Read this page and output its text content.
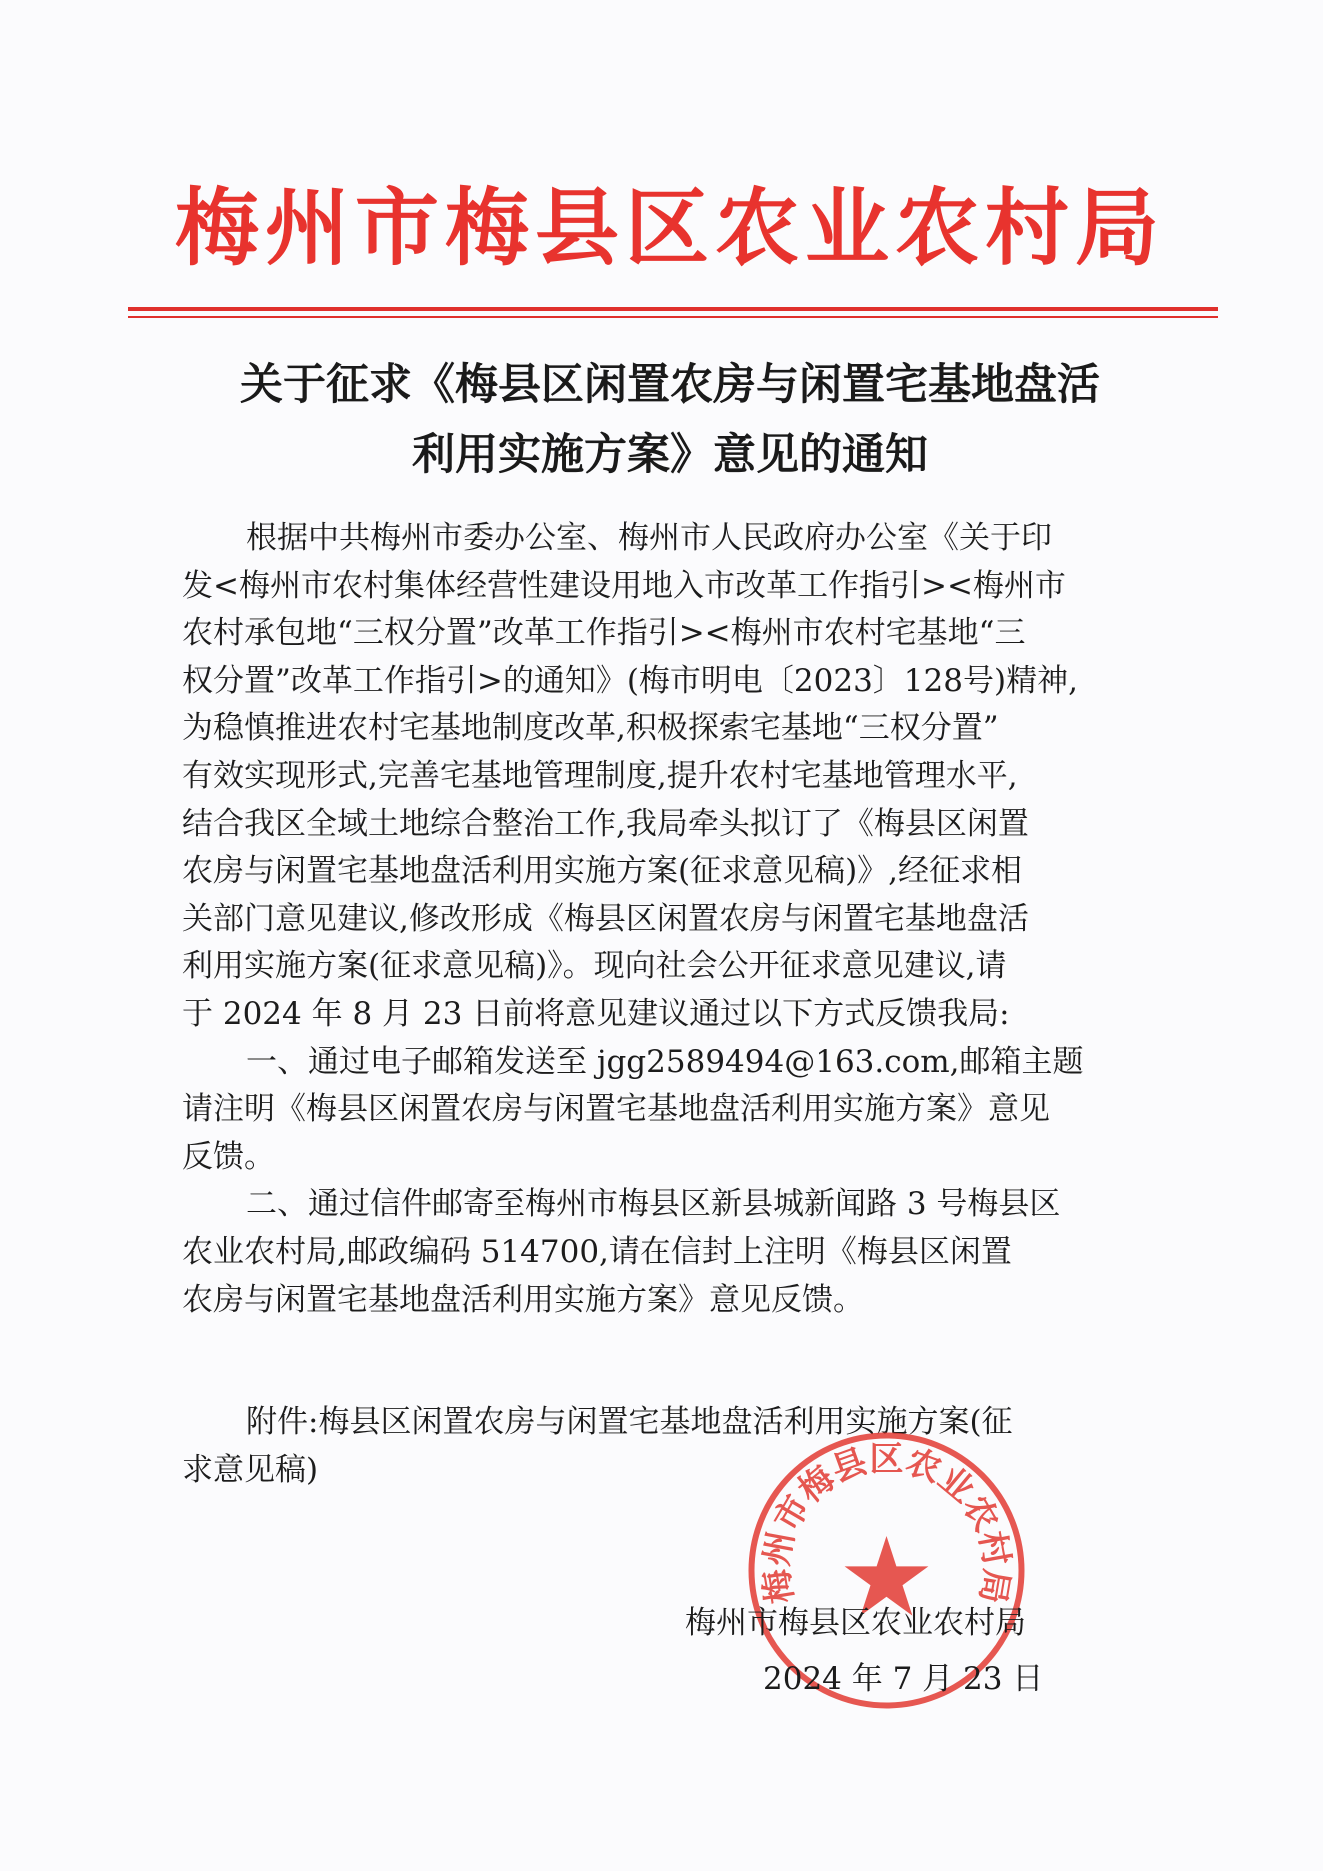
梅州市梅县区农业农村局
关于征求《梅县区闲置农房与闲置宅基地盘活
利用实施方案》意见的通知
根据中共梅州市委办公室、梅州市人民政府办公室《关于印
发<梅州市农村集体经营性建设用地入市改革工作指引><梅州市
农村承包地“三权分置”改革工作指引><梅州市农村宅基地“三
权分置”改革工作指引>的通知》(梅市明电〔2023〕128号)精神,
为稳慎推进农村宅基地制度改革,积极探索宅基地“三权分置”
有效实现形式,完善宅基地管理制度,提升农村宅基地管理水平,
结合我区全域土地综合整治工作,我局牵头拟订了《梅县区闲置
农房与闲置宅基地盘活利用实施方案(征求意见稿)》,经征求相
关部门意见建议,修改形成《梅县区闲置农房与闲置宅基地盘活
利用实施方案(征求意见稿)》。现向社会公开征求意见建议,请
于 2024 年 8 月 23 日前将意见建议通过以下方式反馈我局:
一、通过电子邮箱发送至 jgg2589494@163.com,邮箱主题
请注明《梅县区闲置农房与闲置宅基地盘活利用实施方案》意见
反馈。
二、通过信件邮寄至梅州市梅县区新县城新闻路 3 号梅县区
农业农村局,邮政编码 514700,请在信封上注明《梅县区闲置
农房与闲置宅基地盘活利用实施方案》意见反馈。
附件:梅县区闲置农房与闲置宅基地盘活利用实施方案(征
求意见稿)
梅州市梅县区农业农村局
梅州市梅县区农业农村局
2024 年 7 月 23 日
